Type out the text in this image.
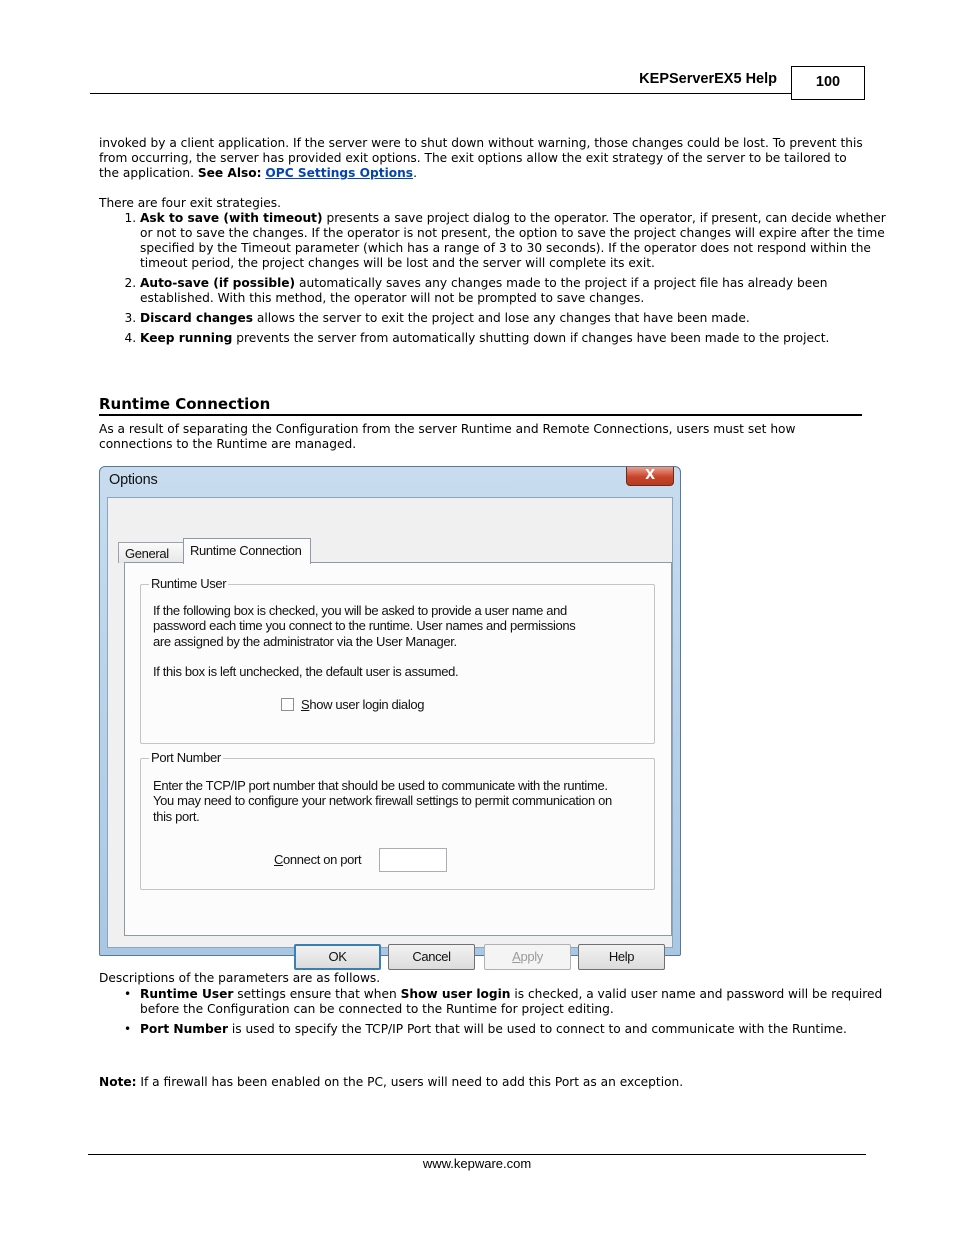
KEPServerEX5 Help	100
invoked by a client application. If the server were to shut down without warning, those changes could be lost. To prevent this from occurring, the server has provided exit options. The exit options allow the exit strategy of the server to be tailored to the application. See Also: OPC Settings Options.
There are four exit strategies.
1. Ask to save (with timeout) presents a save project dialog to the operator. The operator, if present, can decide whether or not to save the changes. If the operator is not present, the option to save the project changes will expire after the time specified by the Timeout parameter (which has a range of 3 to 30 seconds). If the operator does not respond within the timeout period, the project changes will be lost and the server will complete its exit.
2. Auto-save (if possible) automatically saves any changes made to the project if a project file has already been established. With this method, the operator will not be prompted to save changes.
3. Discard changes allows the server to exit the project and lose any changes that have been made.
4. Keep running prevents the server from automatically shutting down if changes have been made to the project.
Runtime Connection
As a result of separating the Configuration from the server Runtime and Remote Connections, users must set how connections to the Runtime are managed.
Options	X
General	Runtime Connection
Runtime User
If the following box is checked, you will be asked to provide a user name and password each time you connect to the runtime. User names and permissions are assigned by the administrator via the User Manager.
If this box is left unchecked, the default user is assumed.
Show user login dialog
Port Number
Enter the TCP/IP port number that should be used to communicate with the runtime. You may need to configure your network firewall settings to permit communication on this port.
Connect on port
OK	Cancel	Apply	Help
Descriptions of the parameters are as follows.
• Runtime User settings ensure that when Show user login is checked, a valid user name and password will be required before the Configuration can be connected to the Runtime for project editing.
• Port Number is used to specify the TCP/IP Port that will be used to connect to and communicate with the Runtime.
Note: If a firewall has been enabled on the PC, users will need to add this Port as an exception.
www.kepware.com
